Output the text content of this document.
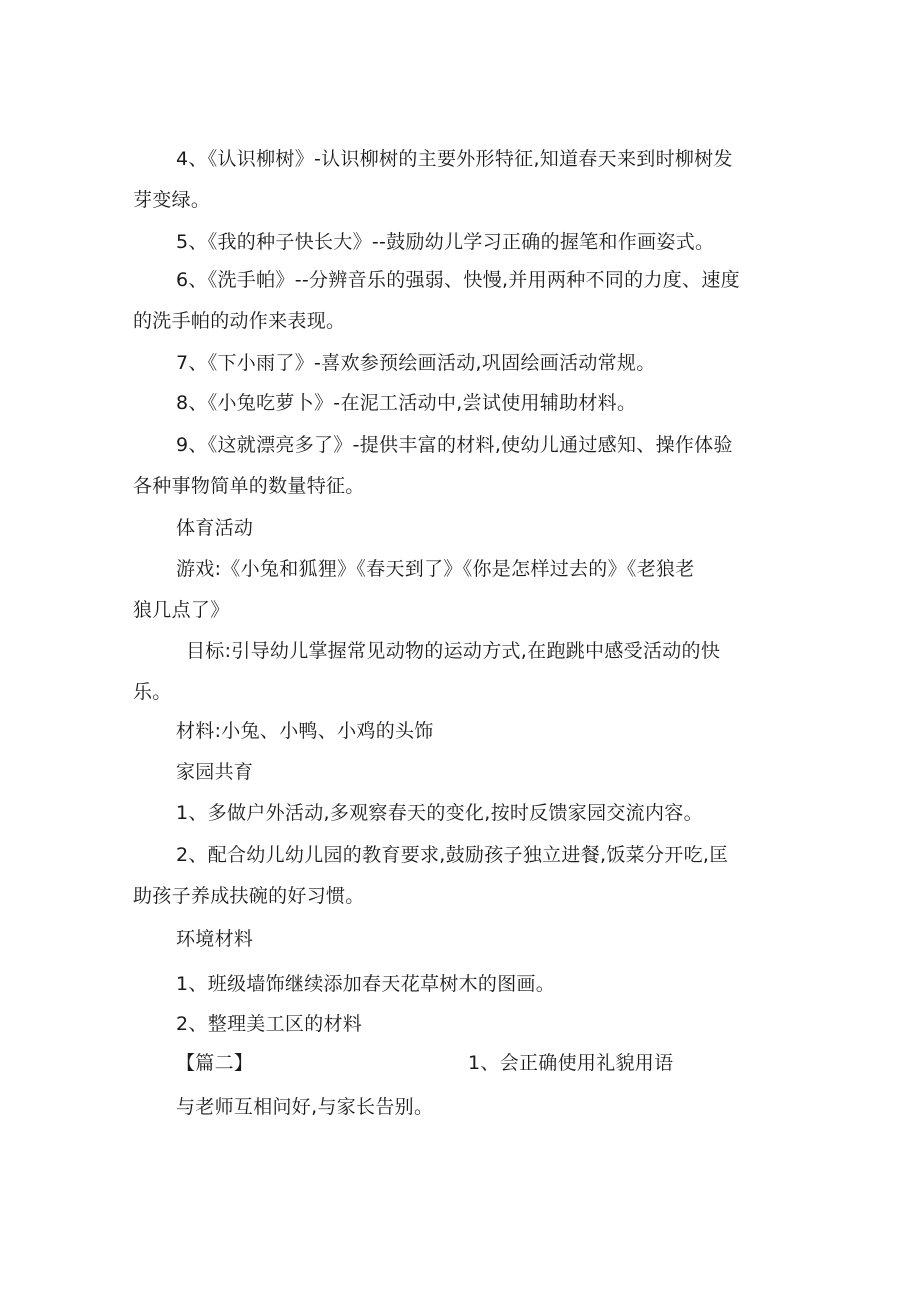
4、《认识柳树》-认识柳树的主要外形特征,知道春天来到时柳树发
芽变绿。
5、《我的种子快长大》--鼓励幼儿学习正确的握笔和作画姿式。
6、《洗手帕》--分辨音乐的强弱、快慢,并用两种不同的力度、速度
的洗手帕的动作来表现。
7、《下小雨了》-喜欢参预绘画活动,巩固绘画活动常规。
8、《小兔吃萝卜》-在泥工活动中,尝试使用辅助材料。
9、《这就漂亮多了》-提供丰富的材料,使幼儿通过感知、操作体验
各种事物简单的数量特征。
体育活动
游戏:《小兔和狐狸》《春天到了》《你是怎样过去的》《老狼老
狼几点了》
目标:引导幼儿掌握常见动物的运动方式,在跑跳中感受活动的快
乐。
材料:小兔、小鸭、小鸡的头饰
家园共育
1、多做户外活动,多观察春天的变化,按时反馈家园交流内容。
2、配合幼儿幼儿园的教育要求,鼓励孩子独立进餐,饭菜分开吃,匡
助孩子养成扶碗的好习惯。
环境材料
1、班级墙饰继续添加春天花草树木的图画。
2、整理美工区的材料
【篇二】	1、会正确使用礼貌用语
与老师互相问好,与家长告别。
